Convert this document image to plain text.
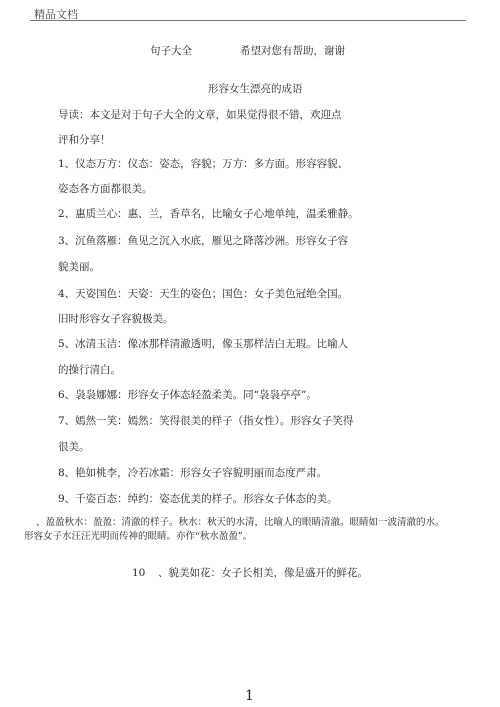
精品文档
句子大全	希望对您有帮助，谢谢
形容女生漂亮的成语
导读：本文是对于句子大全的文章，如果觉得很不错，欢迎点
评和分享！
1、仪态万方：仪态：姿态，容貌；万方：多方面。形容容貌、
姿态各方面都很美。
2、惠质兰心：惠、兰，香草名，比喻女子心地单纯，温柔雅静。
3、沉鱼落雁：鱼见之沉入水底，雁见之降落沙洲。形容女子容
貌美丽。
4、天姿国色：天姿：天生的姿色；国色：女子美色冠绝全国。
旧时形容女子容貌极美。
5、冰清玉洁：像冰那样清澈透明，像玉那样洁白无瑕。比喻人
的操行清白。
6、袅袅娜娜：形容女子体态轻盈柔美。同“袅袅亭亭”。
7、嫣然一笑：嫣然：笑得很美的样子（指女性）。形容女子笑得
很美。
8、艳如桃李，冷若冰霜：形容女子容貌明丽而态度严肃。
9、千姿百态：绰约：姿态优美的样子。形容女子体态的美。
、盈盈秋水：盈盈：清澈的样子。秋水：秋天的水清，比喻人的眼睛清澈。眼睛如一波清澈的水。
形容女子水汪汪光明而传神的眼睛。亦作“秋水盈盈”。
10 、貌美如花：女子长相美，像是盛开的鲜花。
1
